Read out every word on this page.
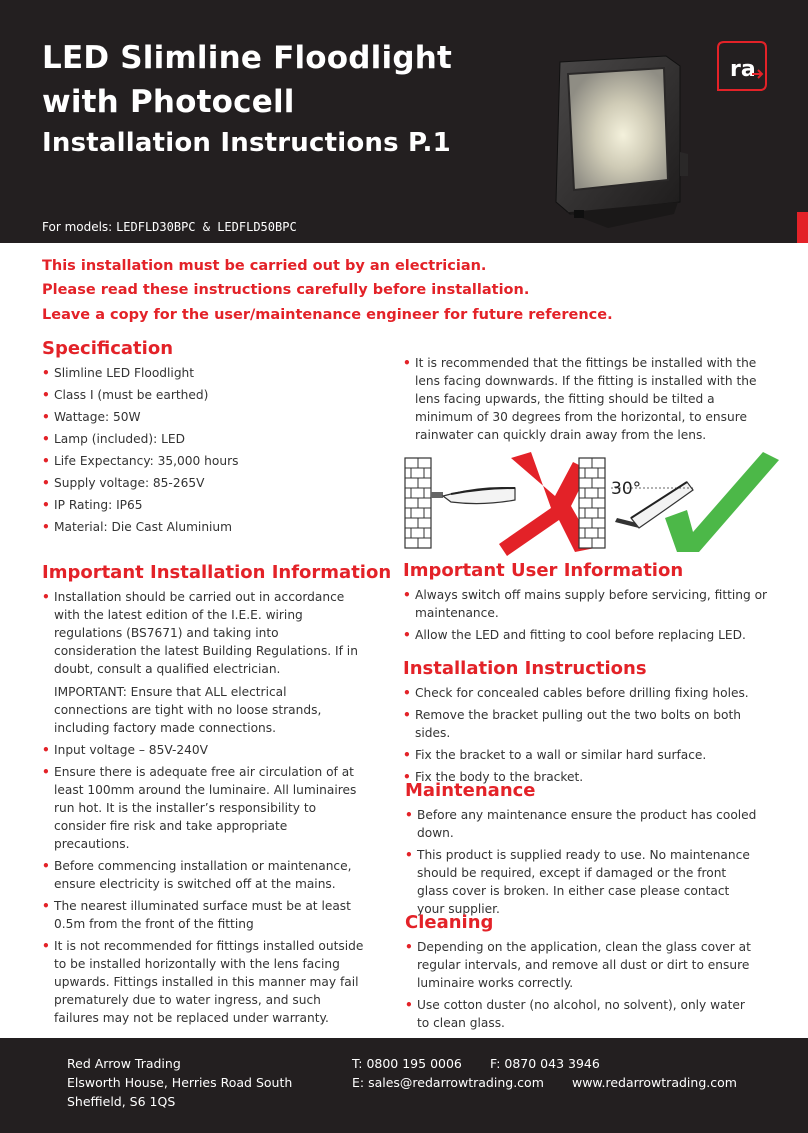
LED Slimline Floodlight
with Photocell
Installation Instructions P.1
For models: LEDFLD30BPC & LEDFLD50BPC
ra
This installation must be carried out by an electrician.
Please read these instructions carefully before installation.
Leave a copy for the user/maintenance engineer for future reference.
Specification
• Slimline LED Floodlight
• Class I (must be earthed)
• Wattage: 50W
• Lamp (included): LED
• Life Expectancy: 35,000 hours
• Supply voltage: 85-265V
• IP Rating: IP65
• Material: Die Cast Aluminium
• It is recommended that the fittings be installed with the lens facing downwards. If the fitting is installed with the lens facing upwards, the fitting should be tilted a minimum of 30 degrees from the horizontal, to ensure rainwater can quickly drain away from the lens.
30°
Important Installation Information
• Installation should be carried out in accordance with the latest edition of the I.E.E. wiring regulations (BS7671) and taking into consideration the latest Building Regulations. If in doubt, consult a qualified electrician.
IMPORTANT: Ensure that ALL electrical connections are tight with no loose strands, including factory made connections.
• Input voltage – 85V-240V
• Ensure there is adequate free air circulation of at least 100mm around the luminaire. All luminaires run hot. It is the installer’s responsibility to consider fire risk and take appropriate precautions.
• Before commencing installation or maintenance, ensure electricity is switched off at the mains.
• The nearest illuminated surface must be at least 0.5m from the front of the fitting
• It is not recommended for fittings installed outside to be installed horizontally with the lens facing upwards. Fittings installed in this manner may fail prematurely due to water ingress, and such failures may not be replaced under warranty.
Important User Information
• Always switch off mains supply before servicing, fitting or maintenance.
• Allow the LED and fitting to cool before replacing LED.
Installation Instructions
• Check for concealed cables before drilling fixing holes.
• Remove the bracket pulling out the two bolts on both sides.
• Fix the bracket to a wall or similar hard surface.
• Fix the body to the bracket.
Maintenance
• Before any maintenance ensure the product has cooled down.
• This product is supplied ready to use. No maintenance should be required, except if damaged or the front glass cover is broken. In either case please contact your supplier.
Cleaning
• Depending on the application, clean the glass cover at regular intervals, and remove all dust or dirt to ensure luminaire works correctly.
• Use cotton duster (no alcohol, no solvent), only water to clean glass.
Red Arrow Trading
Elsworth House, Herries Road South
Sheffield, S6 1QS
T: 0800 195 0006 F: 0870 043 3946
E: sales@redarrowtrading.com www.redarrowtrading.com
